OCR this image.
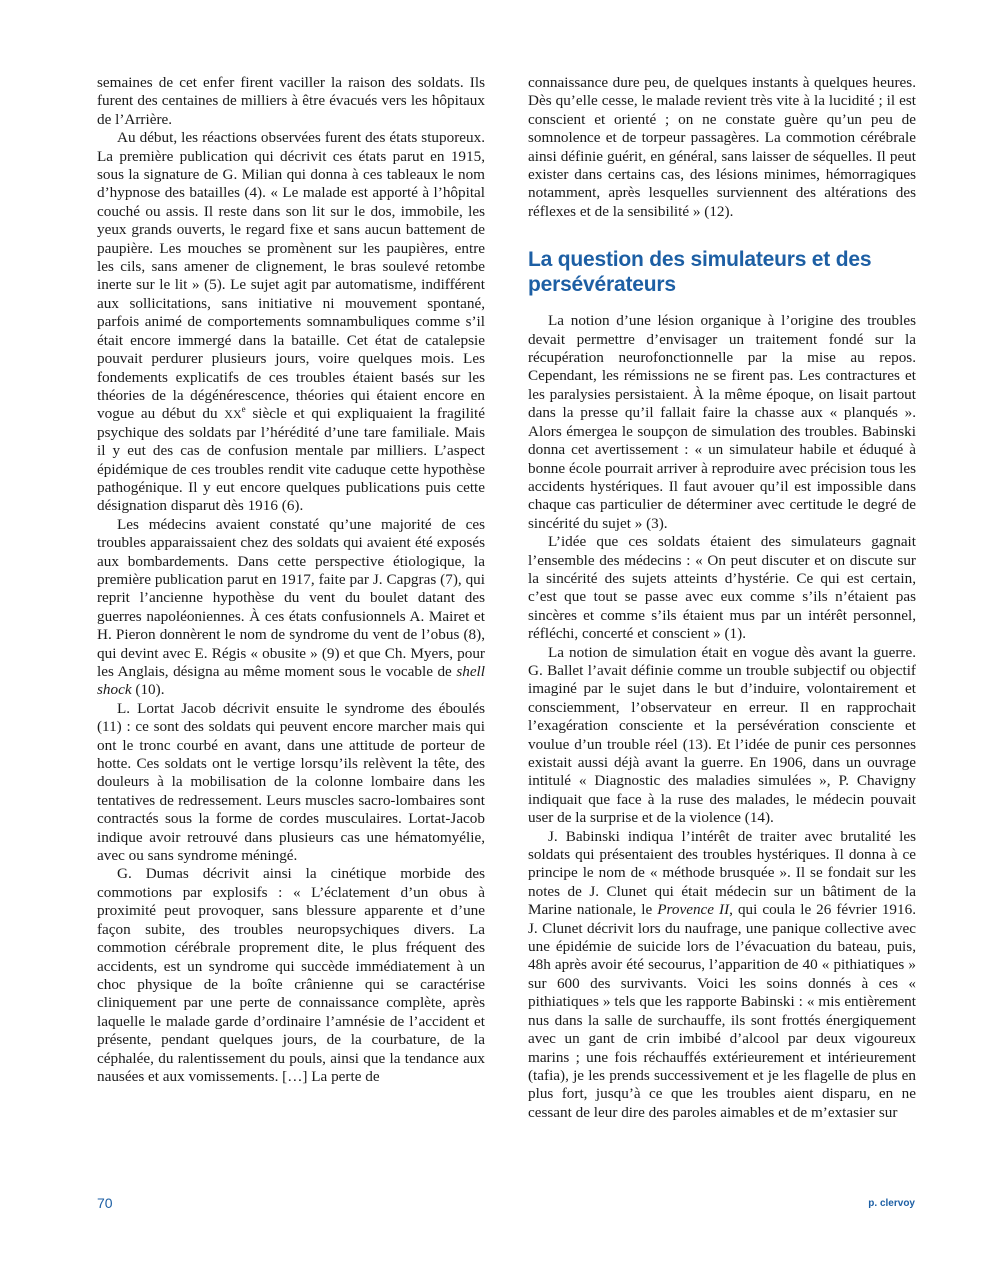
semaines de cet enfer firent vaciller la raison des soldats. Ils furent des centaines de milliers à être évacués vers les hôpitaux de l’Arrière.

Au début, les réactions observées furent des états stuporeux. La première publication qui décrivit ces états parut en 1915, sous la signature de G. Milian qui donna à ces tableaux le nom d’hypnose des batailles (4). « Le malade est apporté à l’hôpital couché ou assis. Il reste dans son lit sur le dos, immobile, les yeux grands ouverts, le regard fixe et sans aucun battement de paupière. Les mouches se promènent sur les paupières, entre les cils, sans amener de clignement, le bras soulevé retombe inerte sur le lit » (5). Le sujet agit par automatisme, indifférent aux sollicitations, sans initiative ni mouvement spontané, parfois animé de comportements somnambuliques comme s’il était encore immergé dans la bataille. Cet état de catalepsie pouvait perdurer plusieurs jours, voire quelques mois. Les fondements explicatifs de ces troubles étaient basés sur les théories de la dégénérescence, théories qui étaient encore en vogue au début du XXe siècle et qui expliquaient la fragilité psychique des soldats par l’hérédité d’une tare familiale. Mais il y eut des cas de confusion mentale par milliers. L’aspect épidémique de ces troubles rendit vite caduque cette hypothèse pathogénique. Il y eut encore quelques publications puis cette désignation disparut dès 1916 (6).

Les médecins avaient constaté qu’une majorité de ces troubles apparaissaient chez des soldats qui avaient été exposés aux bombardements. Dans cette perspective étiologique, la première publication parut en 1917, faite par J. Capgras (7), qui reprit l’ancienne hypothèse du vent du boulet datant des guerres napoléoniennes. À ces états confusionnels A. Mairet et H. Pieron donnèrent le nom de syndrome du vent de l’obus (8), qui devint avec E. Régis « obusite » (9) et que Ch. Myers, pour les Anglais, désigna au même moment sous le vocable de shell shock (10).

L. Lortat Jacob décrivit ensuite le syndrome des éboulés (11) : ce sont des soldats qui peuvent encore marcher mais qui ont le tronc courbé en avant, dans une attitude de porteur de hotte. Ces soldats ont le vertige lorsqu’ils relèvent la tête, des douleurs à la mobilisation de la colonne lombaire dans les tentatives de redressement. Leurs muscles sacro-lombaires sont contractés sous la forme de cordes musculaires. Lortat-Jacob indique avoir retrouvé dans plusieurs cas une hématomyélie, avec ou sans syndrome méningé.

G. Dumas décrivit ainsi la cinétique morbide des commotions par explosifs : « L’éclatement d’un obus à proximité peut provoquer, sans blessure apparente et d’une façon subite, des troubles neuropsychiques divers. La commotion cérébrale proprement dite, le plus fréquent des accidents, est un syndrome qui succède immédiatement à un choc physique de la boîte crânienne qui se caractérise cliniquement par une perte de connaissance complète, après laquelle le malade garde d’ordinaire l’amnésie de l’accident et présente, pendant quelques jours, de la courbature, de la céphalée, du ralentissement du pouls, ainsi que la tendance aux nausées et aux vomissements. […] La perte de

connaissance dure peu, de quelques instants à quelques heures. Dès qu’elle cesse, le malade revient très vite à la lucidité ; il est conscient et orienté ; on ne constate guère qu’un peu de somnolence et de torpeur passagères. La commotion cérébrale ainsi définie guérit, en général, sans laisser de séquelles. Il peut exister dans certains cas, des lésions minimes, hémorragiques notamment, après lesquelles surviennent des altérations des réflexes et de la sensibilité » (12).

La question des simulateurs et des persévérateurs

La notion d’une lésion organique à l’origine des troubles devait permettre d’envisager un traitement fondé sur la récupération neurofonctionnelle par la mise au repos. Cependant, les rémissions ne se firent pas. Les contractures et les paralysies persistaient. À la même époque, on lisait partout dans la presse qu’il fallait faire la chasse aux « planqués ». Alors émergea le soupçon de simulation des troubles. Babinski donna cet avertissement : « un simulateur habile et éduqué à bonne école pourrait arriver à reproduire avec précision tous les accidents hystériques. Il faut avouer qu’il est impossible dans chaque cas particulier de déterminer avec certitude le degré de sincérité du sujet » (3).

L’idée que ces soldats étaient des simulateurs gagnait l’ensemble des médecins : « On peut discuter et on discute sur la sincérité des sujets atteints d’hystérie. Ce qui est certain, c’est que tout se passe avec eux comme s’ils n’étaient pas sincères et comme s’ils étaient mus par un intérêt personnel, réfléchi, concerté et conscient » (1).

La notion de simulation était en vogue dès avant la guerre. G. Ballet l’avait définie comme un trouble subjectif ou objectif imaginé par le sujet dans le but d’induire, volontairement et consciemment, l’observateur en erreur. Il en rapprochait l’exagération consciente et la persévération consciente et voulue d’un trouble réel (13). Et l’idée de punir ces personnes existait aussi déjà avant la guerre. En 1906, dans un ouvrage intitulé « Diagnostic des maladies simulées », P. Chavigny indiquait que face à la ruse des malades, le médecin pouvait user de la surprise et de la violence (14).

J. Babinski indiqua l’intérêt de traiter avec brutalité les soldats qui présentaient des troubles hystériques. Il donna à ce principe le nom de « méthode brusquée ». Il se fondait sur les notes de J. Clunet qui était médecin sur un bâtiment de la Marine nationale, le Provence II, qui coula le 26 février 1916. J. Clunet décrivit lors du naufrage, une panique collective avec une épidémie de suicide lors de l’évacuation du bateau, puis, 48h après avoir été secourus, l’apparition de 40 « pithiatiques » sur 600 des survivants. Voici les soins donnés à ces « pithiatiques » tels que les rapporte Babinski : « mis entièrement nus dans la salle de surchauffe, ils sont frottés énergiquement avec un gant de crin imbibé d’alcool par deux vigoureux marins ; une fois réchauffés extérieurement et intérieurement (tafia), je les prends successivement et je les flagelle de plus en plus fort, jusqu’à ce que les troubles aient disparu, en ne cessant de leur dire des paroles aimables et de m’extasier sur

70	p. clervoy
